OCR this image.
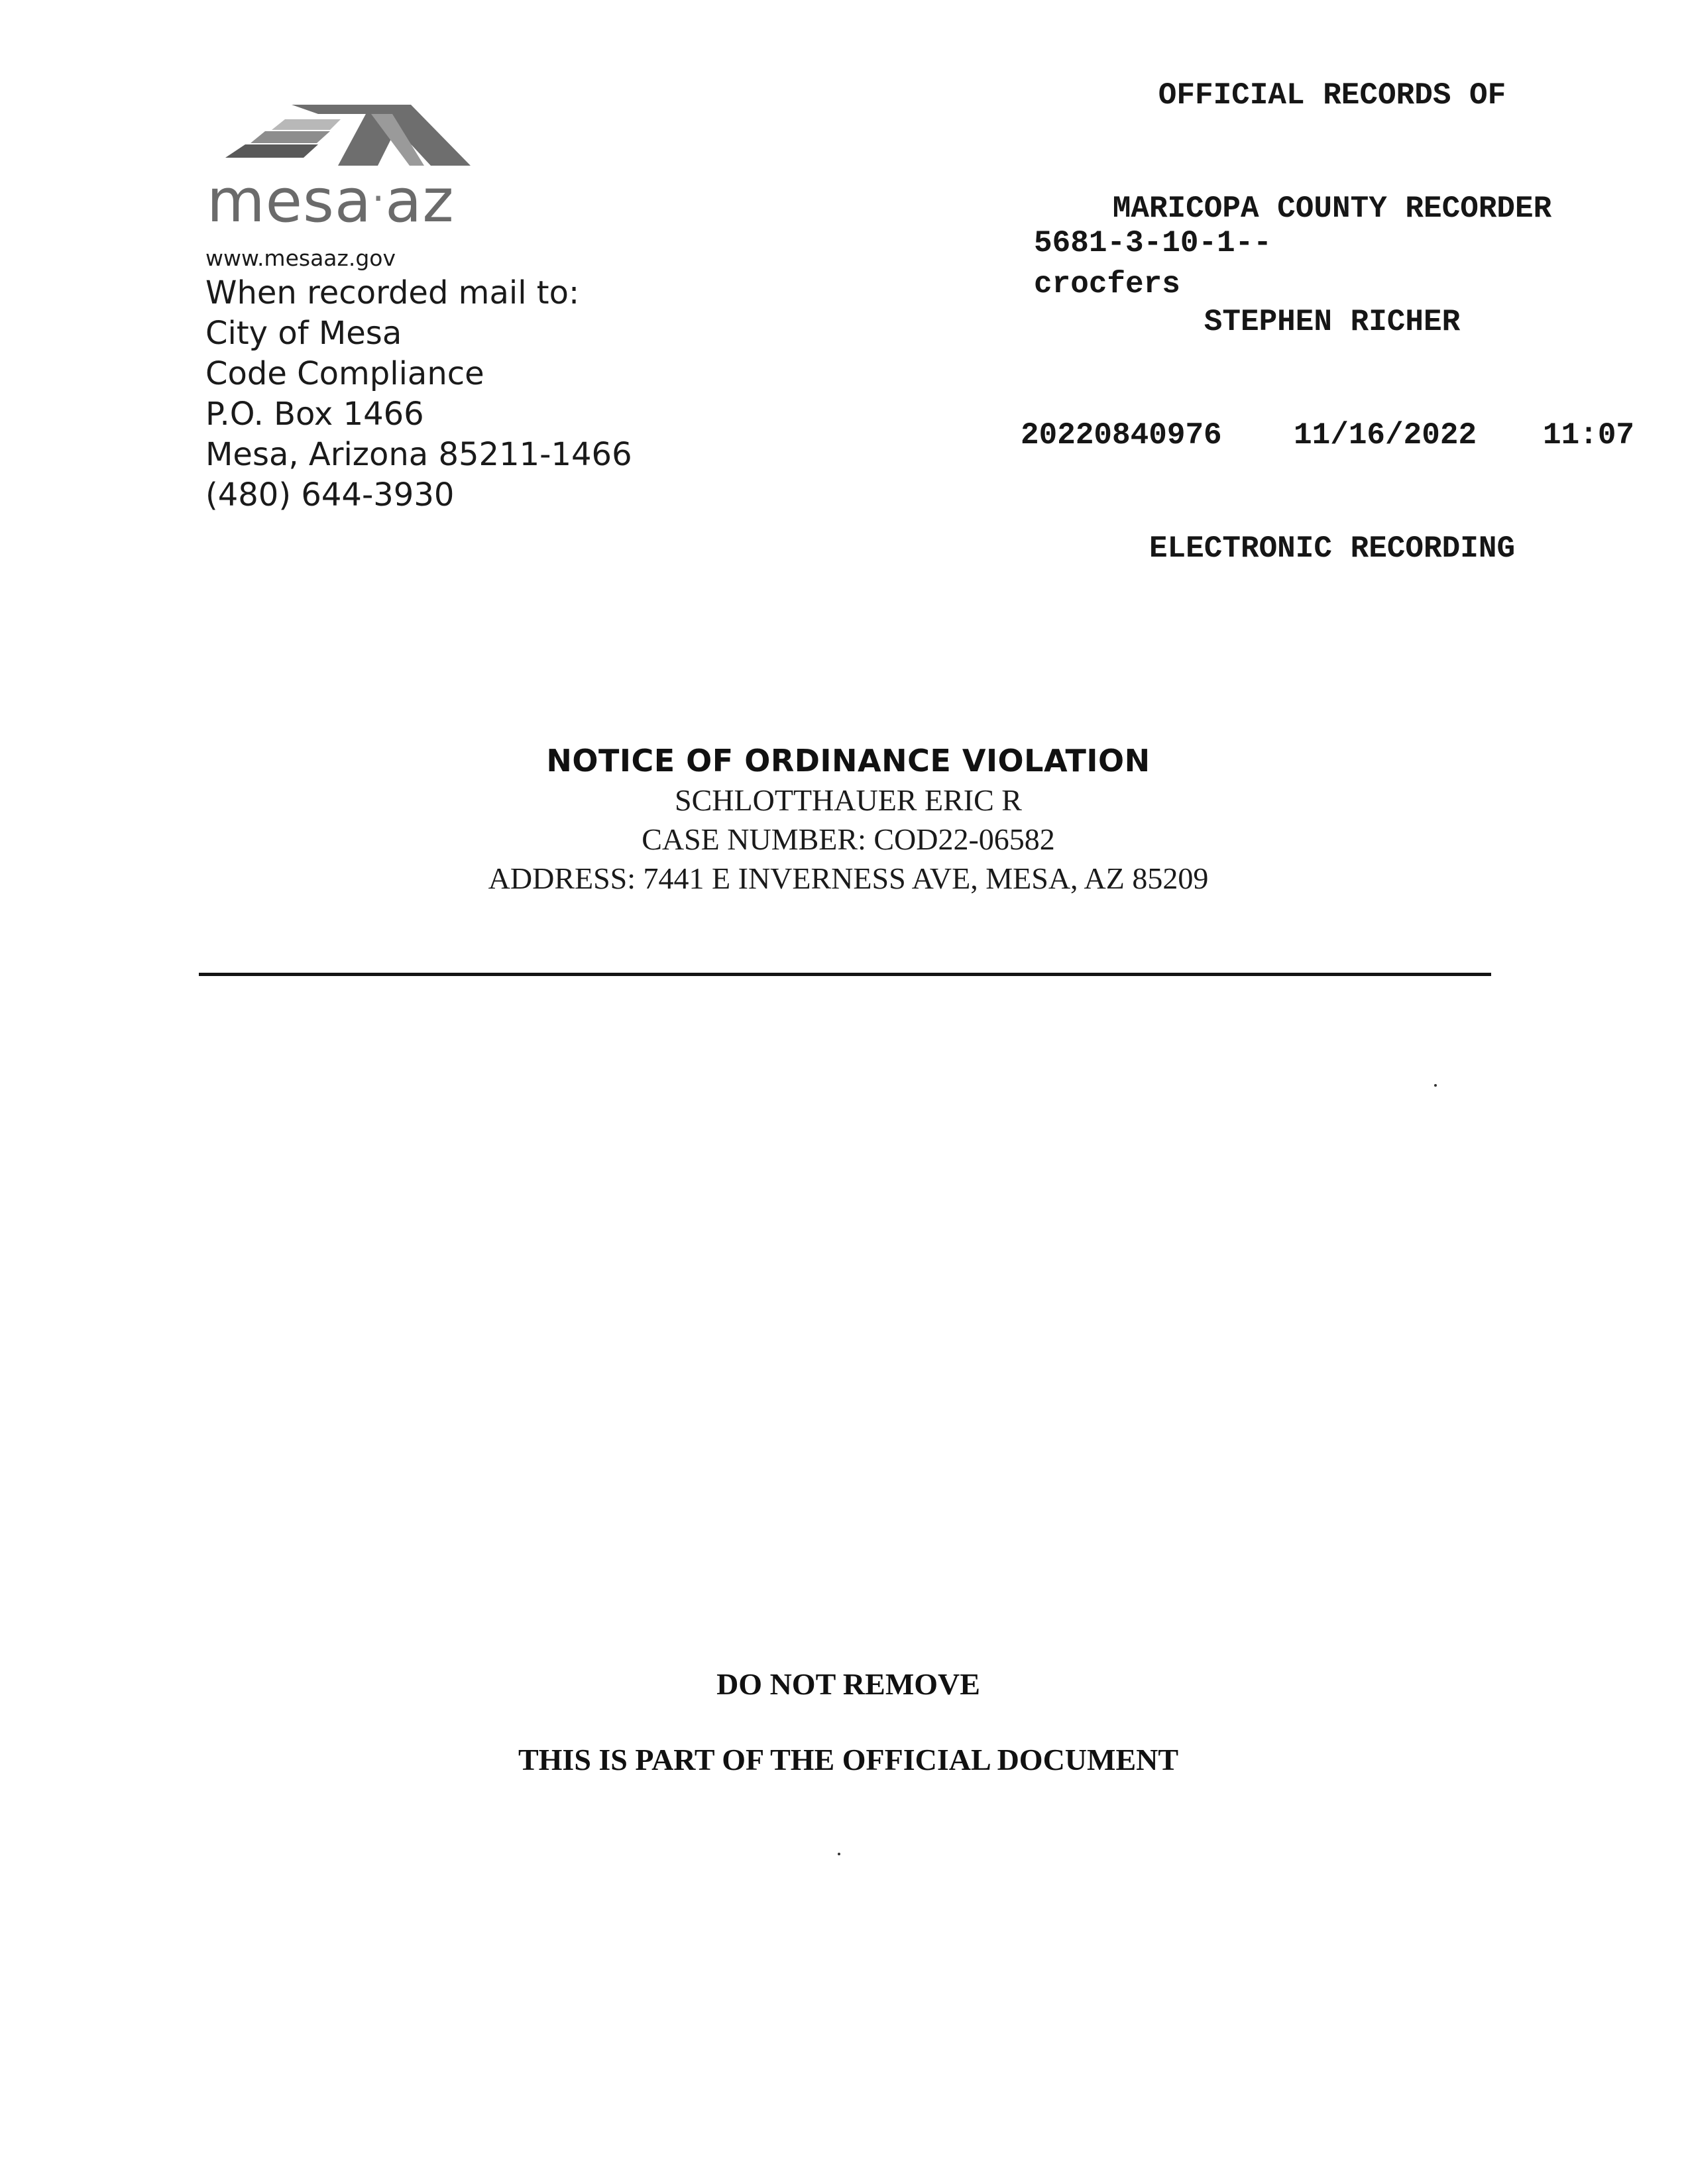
OFFICIAL RECORDS OF

MARICOPA COUNTY RECORDER

STEPHEN RICHER

20220840976 11/16/2022 11:07

ELECTRONIC RECORDING

5681-3-10-1--
crocfers
mesa·az
www.mesaaz.gov
When recorded mail to:
City of Mesa
Code Compliance
P.O. Box 1466
Mesa, Arizona 85211-1466
(480) 644-3930
NOTICE OF ORDINANCE VIOLATION
SCHLOTTHAUER ERIC R
CASE NUMBER: COD22-06582
ADDRESS: 7441 E INVERNESS AVE, MESA, AZ 85209
DO NOT REMOVE
THIS IS PART OF THE OFFICIAL DOCUMENT
